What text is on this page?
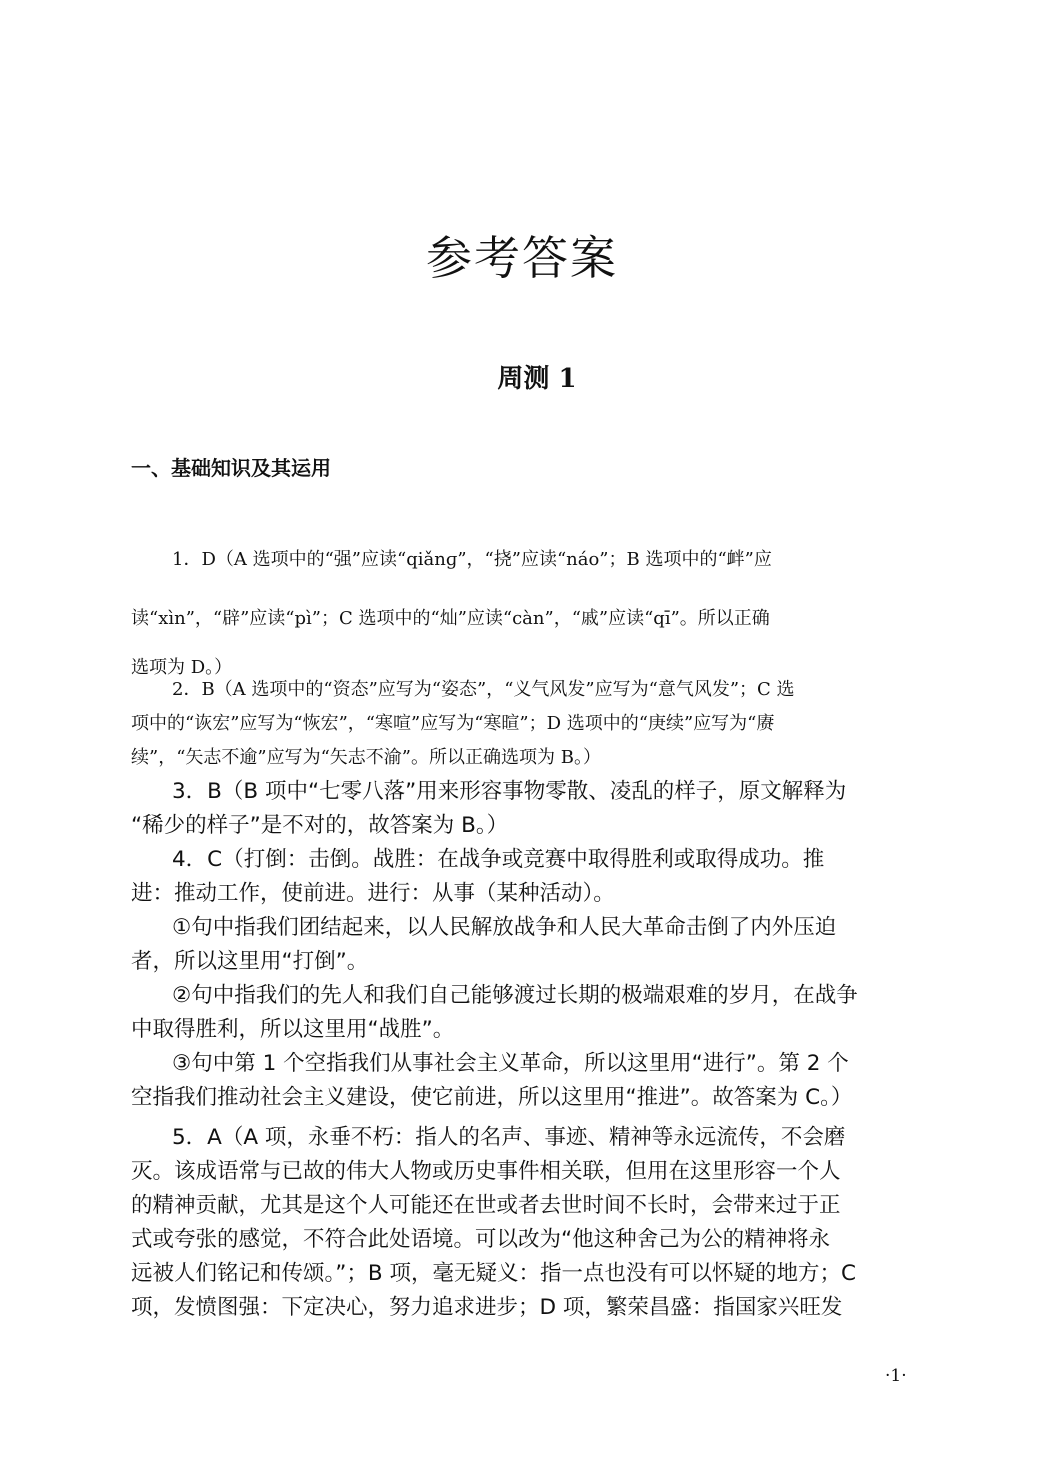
参考答案
周测 1
一、基础知识及其运用
1．D（A 选项中的“强”应读“qiǎnɡ”，“挠”应读“náo”；B 选项中的“衅”应
读“xìn”，“辟”应读“pì”；C 选项中的“灿”应读“càn”，“戚”应读“qī”。所以正确
选项为 D。）
2．B（A 选项中的“资态”应写为“姿态”，“义气风发”应写为“意气风发”；C 选
项中的“诙宏”应写为“恢宏”，“寒喧”应写为“寒暄”；D 选项中的“庚续”应写为“赓
续”，“矢志不逾”应写为“矢志不渝”。所以正确选项为 B。）
3．B（B 项中“七零八落”用来形容事物零散、凌乱的样子，原文解释为
“稀少的样子”是不对的，故答案为 B。）
4．C（打倒：击倒。战胜：在战争或竞赛中取得胜利或取得成功。推
进：推动工作，使前进。进行：从事（某种活动）。
①句中指我们团结起来，以人民解放战争和人民大革命击倒了内外压迫
者，所以这里用“打倒”。
②句中指我们的先人和我们自己能够渡过长期的极端艰难的岁月，在战争
中取得胜利，所以这里用“战胜”。
③句中第 1 个空指我们从事社会主义革命，所以这里用“进行”。第 2 个
空指我们推动社会主义建设，使它前进，所以这里用“推进”。故答案为 C。）
5．A（A 项，永垂不朽：指人的名声、事迹、精神等永远流传，不会磨
灭。该成语常与已故的伟大人物或历史事件相关联，但用在这里形容一个人
的精神贡献，尤其是这个人可能还在世或者去世时间不长时，会带来过于正
式或夸张的感觉，不符合此处语境。可以改为“他这种舍己为公的精神将永
远被人们铭记和传颂。”；B 项，毫无疑义：指一点也没有可以怀疑的地方；C
项，发愤图强：下定决心，努力追求进步；D 项，繁荣昌盛：指国家兴旺发
·1·
